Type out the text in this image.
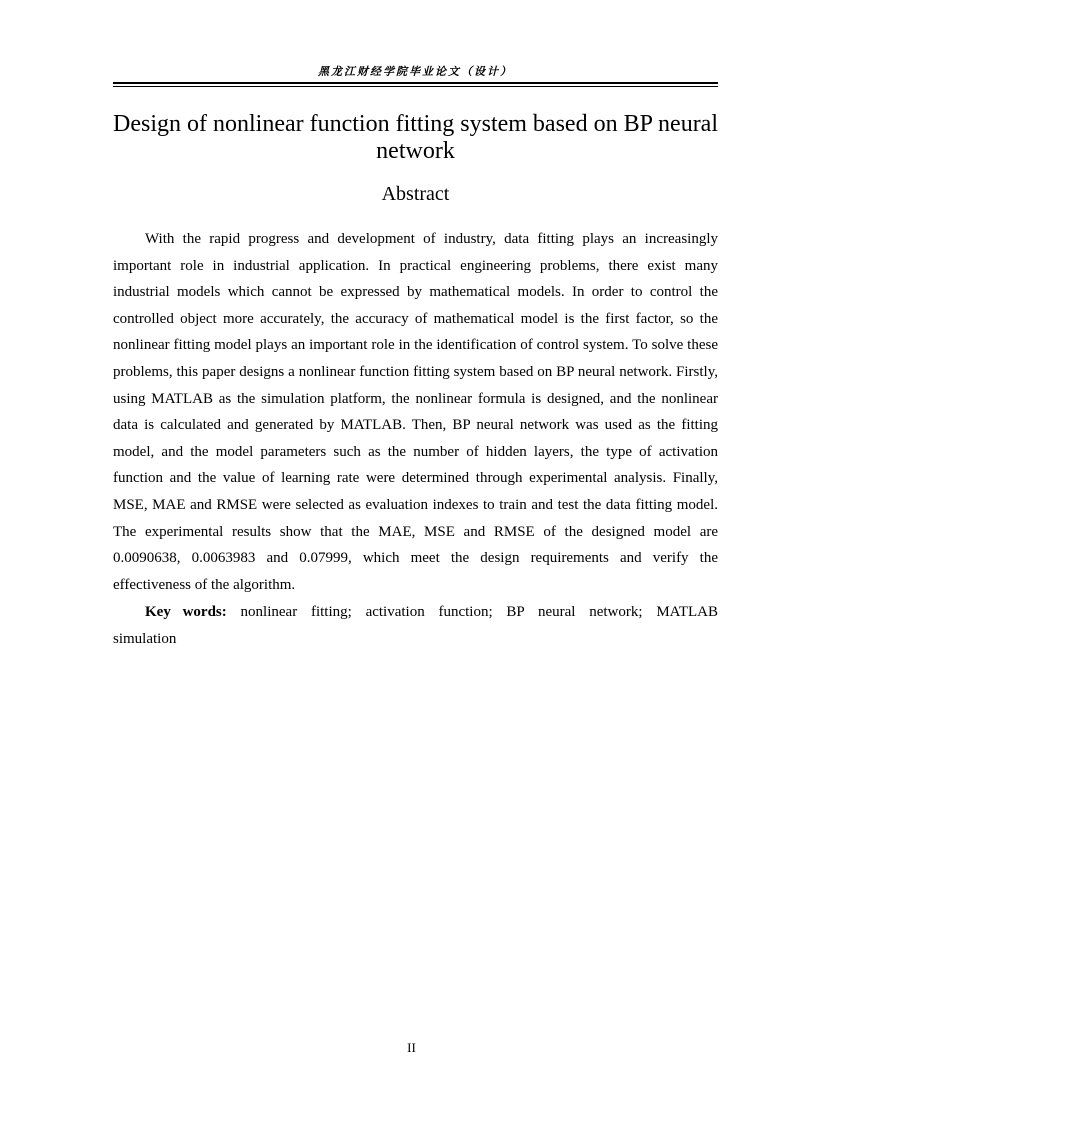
黑龙江财经学院毕业论文（设计）
Design of nonlinear function fitting system based on BP neural network
Abstract

With the rapid progress and development of industry, data fitting plays an increasingly important role in industrial application. In practical engineering problems, there exist many industrial models which cannot be expressed by mathematical models. In order to control the controlled object more accurately, the accuracy of mathematical model is the first factor, so the nonlinear fitting model plays an important role in the identification of control system. To solve these problems, this paper designs a nonlinear function fitting system based on BP neural network. Firstly, using MATLAB as the simulation platform, the nonlinear formula is designed, and the nonlinear data is calculated and generated by MATLAB. Then, BP neural network was used as the fitting model, and the model parameters such as the number of hidden layers, the type of activation function and the value of learning rate were determined through experimental analysis. Finally, MSE, MAE and RMSE were selected as evaluation indexes to train and test the data fitting model. The experimental results show that the MAE, MSE and RMSE of the designed model are 0.0090638, 0.0063983 and 0.07999, which meet the design requirements and verify the effectiveness of the algorithm.

Key words: nonlinear fitting; activation function; BP neural network; MATLAB simulation

II
